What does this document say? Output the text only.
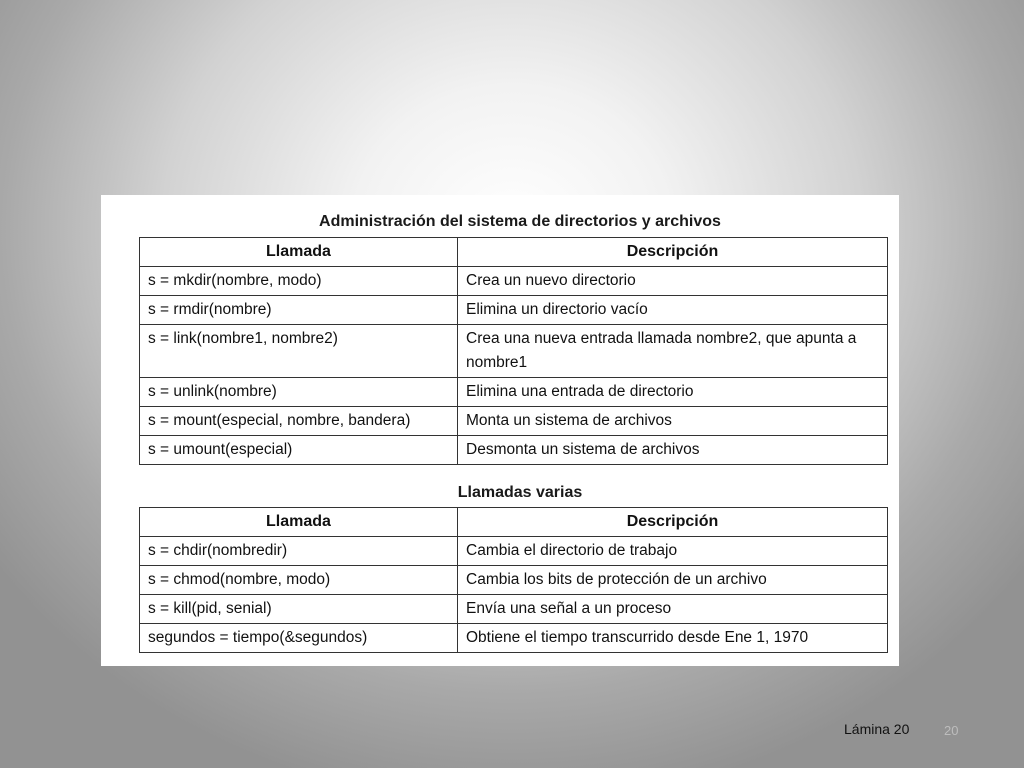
Administración del sistema de directorios y archivos
Llamada	Descripción
s = mkdir(nombre, modo)	Crea un nuevo directorio
s = rmdir(nombre)	Elimina un directorio vacío
s = link(nombre1, nombre2)	Crea una nueva entrada llamada nombre2, que apunta a nombre1
s = unlink(nombre)	Elimina una entrada de directorio
s = mount(especial, nombre, bandera)	Monta un sistema de archivos
s = umount(especial)	Desmonta un sistema de archivos
Llamadas varias
Llamada	Descripción
s = chdir(nombredir)	Cambia el directorio de trabajo
s = chmod(nombre, modo)	Cambia los bits de protección de un archivo
s = kill(pid, senial)	Envía una señal a un proceso
segundos = tiempo(&segundos)	Obtiene el tiempo transcurrido desde Ene 1, 1970
Lámina 20	20
